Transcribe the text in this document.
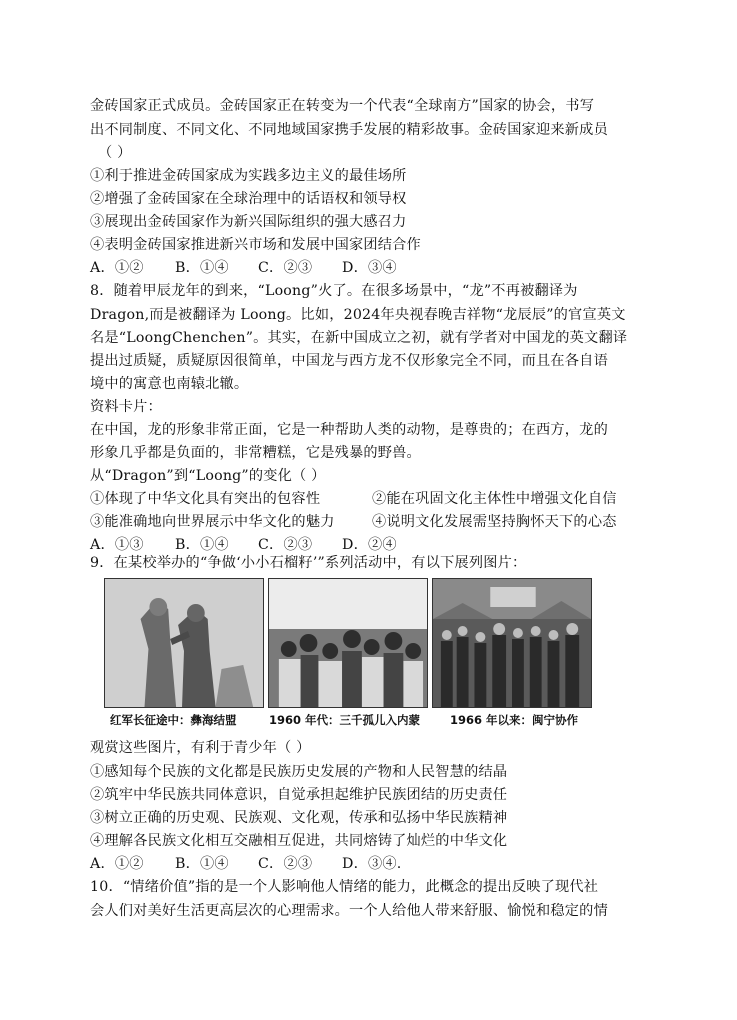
金砖国家正式成员。金砖国家正在转变为一个代表“全球南方”国家的协会，书写
出不同制度、不同文化、不同地域国家携手发展的精彩故事。金砖国家迎来新成员
（ ）
①利于推进金砖国家成为实践多边主义的最佳场所
②增强了金砖国家在全球治理中的话语权和领导权
③展现出金砖国家作为新兴国际组织的强大感召力
④表明金砖国家推进新兴市场和发展中国家团结合作
A．①② B．①④ C．②③ D．③④
8．随着甲辰龙年的到来，“Loong”火了。在很多场景中，“龙”不再被翻译为
Dragon,而是被翻译为 Loong。比如，2024年央视春晚吉祥物“龙辰辰”的官宣英文
名是“LoongChenchen”。其实，在新中国成立之初，就有学者对中国龙的英文翻译
提出过质疑，质疑原因很简单，中国龙与西方龙不仅形象完全不同，而且在各自语
境中的寓意也南辕北辙。
资料卡片：
在中国，龙的形象非常正面，它是一种帮助人类的动物，是尊贵的；在西方，龙的
形象几乎都是负面的，非常糟糕，它是残暴的野兽。
从“Dragon”到“Loong”的变化（ ）
①体现了中华文化具有突出的包容性	②能在巩固文化主体性中增强文化自信
③能准确地向世界展示中华文化的魅力	④说明文化发展需坚持胸怀天下的心态
A．①③ B．①④ C．②③ D．②④
9．在某校举办的“争做‘小小石榴籽’”系列活动中，有以下展列图片：
红军长征途中：彝海结盟	1960 年代：三千孤儿入内蒙	1966 年以来：闽宁协作
观赏这些图片，有利于青少年（ ）
①感知每个民族的文化都是民族历史发展的产物和人民智慧的结晶
②筑牢中华民族共同体意识，自觉承担起维护民族团结的历史责任
③树立正确的历史观、民族观、文化观，传承和弘扬中华民族精神
④理解各民族文化相互交融相互促进，共同熔铸了灿烂的中华文化
A．①② B．①④ C．②③ D．③④.
10．“情绪价值”指的是一个人影响他人情绪的能力，此概念的提出反映了现代社
会人们对美好生活更高层次的心理需求。一个人给他人带来舒服、愉悦和稳定的情
